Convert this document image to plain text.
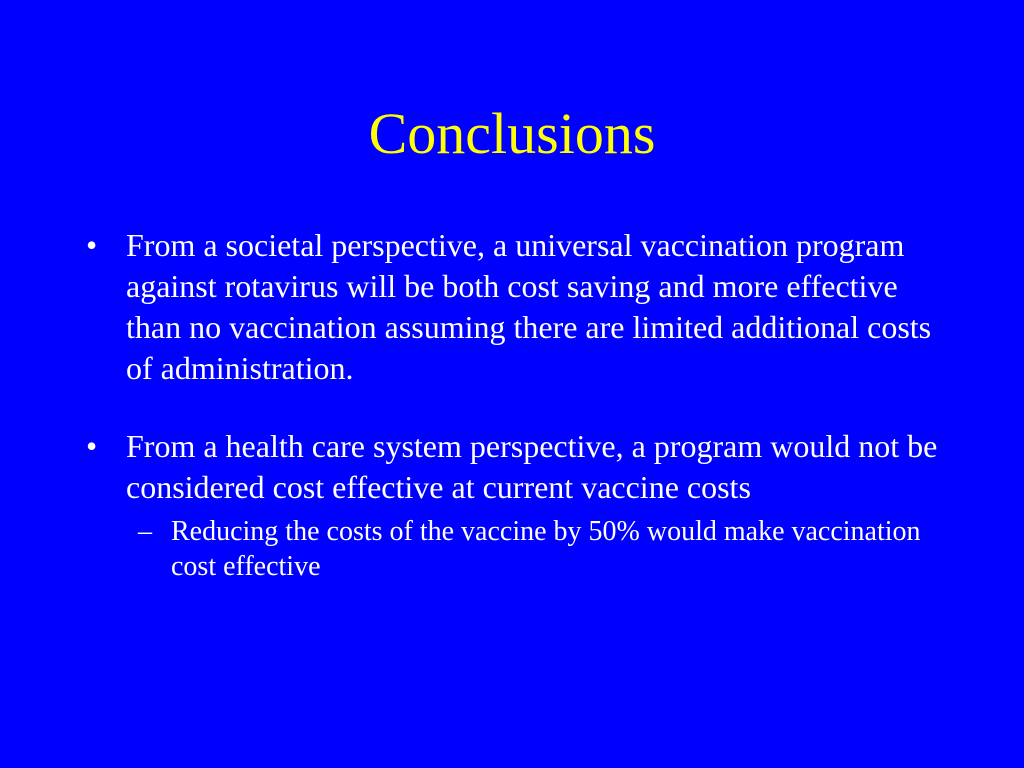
Conclusions
• From a societal perspective, a universal vaccination program against rotavirus will be both cost saving and more effective than no vaccination assuming there are limited additional costs of administration.
• From a health care system perspective, a program would not be considered cost effective at current vaccine costs
– Reducing the costs of the vaccine by 50% would make vaccination cost effective
